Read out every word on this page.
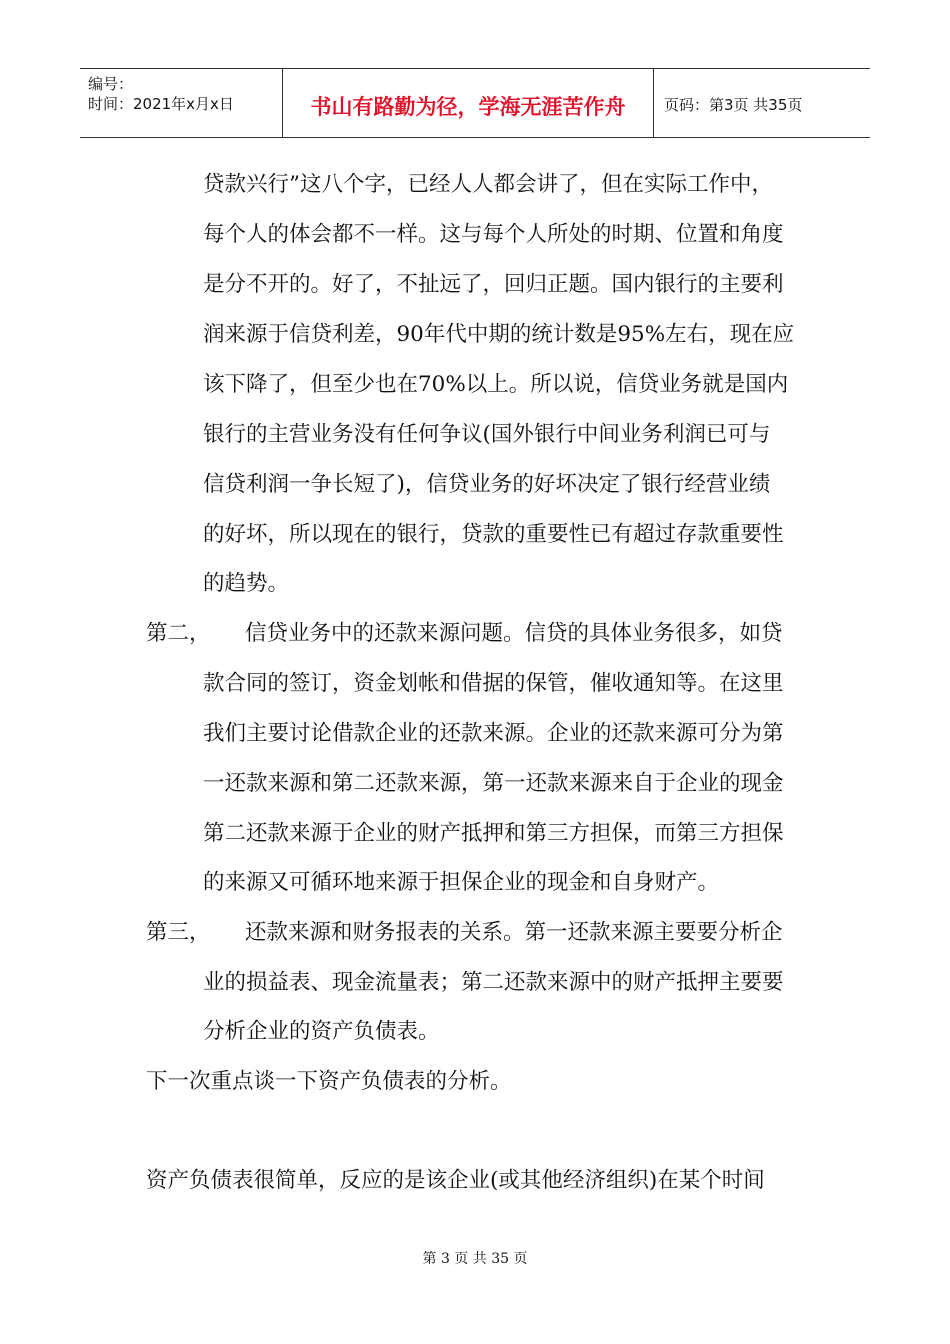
编号：
时间：2021年x月x日	书山有路勤为径，学海无涯苦作舟	页码：第3页 共35页
贷款兴行”这八个字，已经人人都会讲了，但在实际工作中，
每个人的体会都不一样。这与每个人所处的时期、位置和角度
是分不开的。好了，不扯远了，回归正题。国内银行的主要利
润来源于信贷利差，90年代中期的统计数是95%左右，现在应
该下降了，但至少也在70%以上。所以说，信贷业务就是国内
银行的主营业务没有任何争议(国外银行中间业务利润已可与
信贷利润一争长短了)，信贷业务的好坏决定了银行经营业绩
的好坏，所以现在的银行，贷款的重要性已有超过存款重要性
的趋势。
第二， 信贷业务中的还款来源问题。信贷的具体业务很多，如贷
款合同的签订，资金划帐和借据的保管，催收通知等。在这里
我们主要讨论借款企业的还款来源。企业的还款来源可分为第
一还款来源和第二还款来源，第一还款来源来自于企业的现金
第二还款来源于企业的财产抵押和第三方担保，而第三方担保
的来源又可循环地来源于担保企业的现金和自身财产。
第三， 还款来源和财务报表的关系。第一还款来源主要要分析企
业的损益表、现金流量表；第二还款来源中的财产抵押主要要
分析企业的资产负债表。
下一次重点谈一下资产负债表的分析。
资产负债表很简单，反应的是该企业(或其他经济组织)在某个时间
第 3 页 共 35 页
